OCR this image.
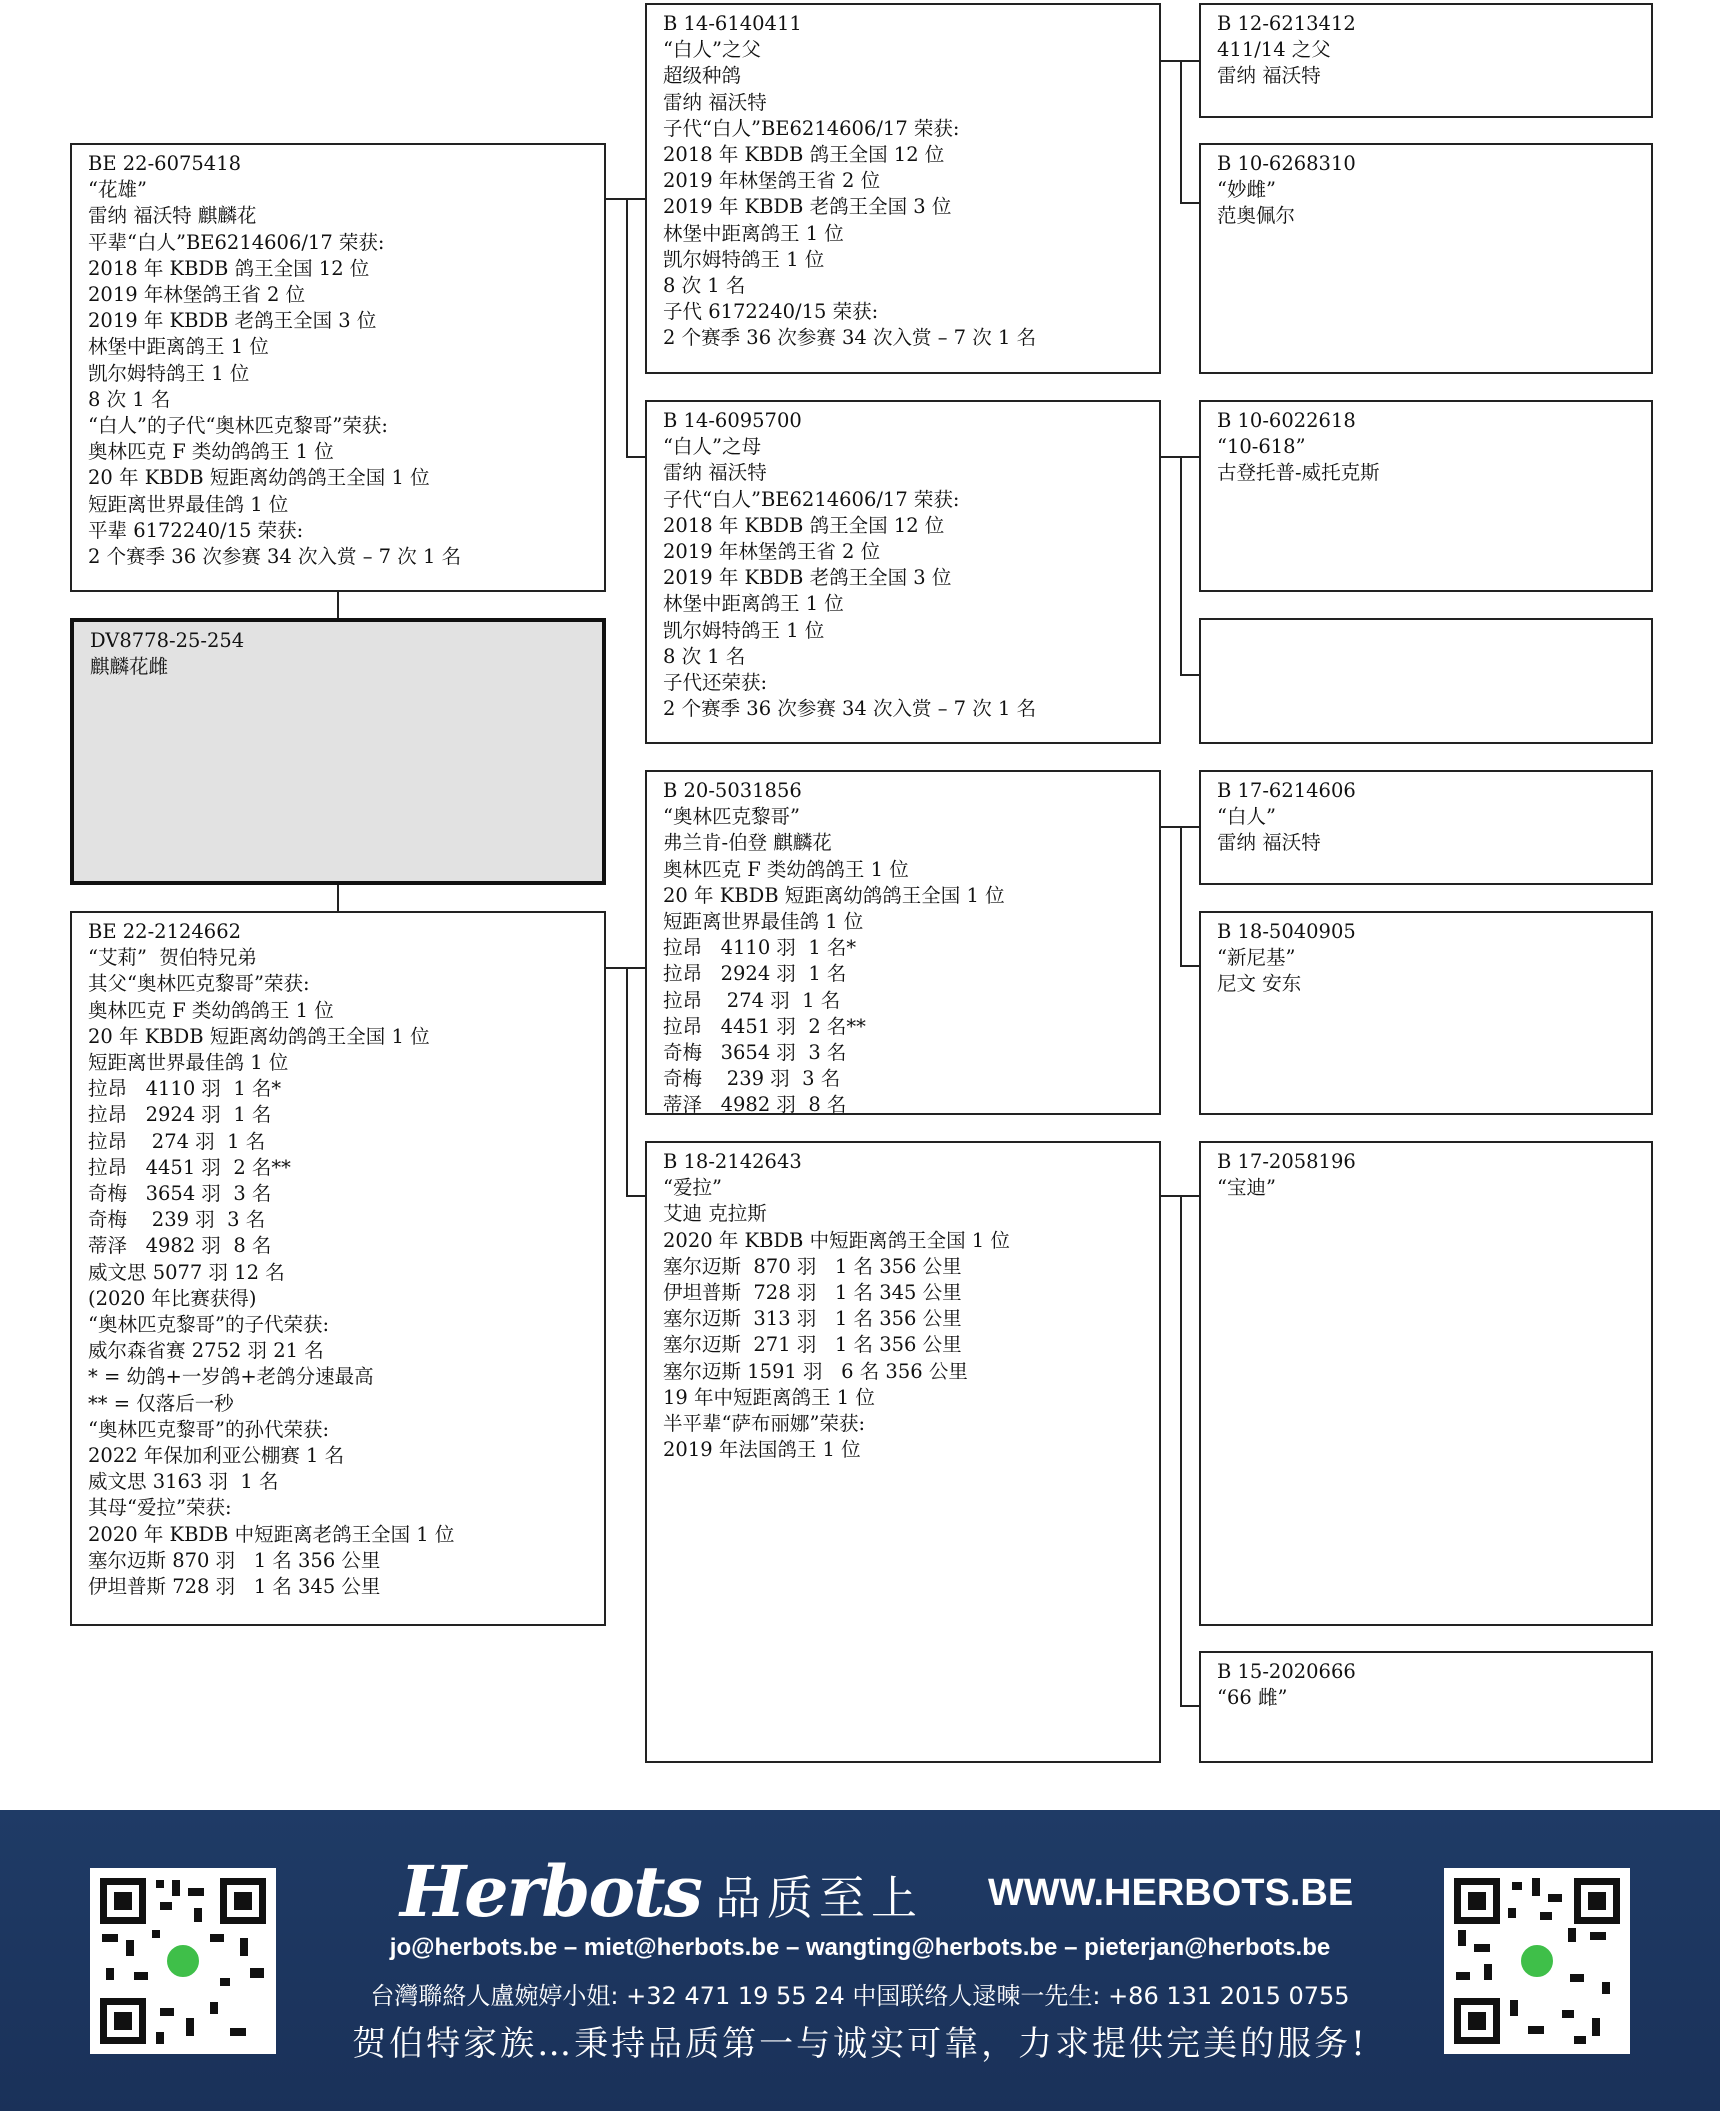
BE 22-6075418
“花雄”
雷纳 福沃特 麒麟花
平辈“白人”BE6214606/17 荣获:
2018 年 KBDB 鸽王全国 12 位
2019 年林堡鸽王省 2 位
2019 年 KBDB 老鸽王全国 3 位
林堡中距离鸽王 1 位
凯尔姆特鸽王 1 位
8 次 1 名
“白人”的子代“奥林匹克黎哥”荣获:
奥林匹克 F 类幼鸽鸽王 1 位
20 年 KBDB 短距离幼鸽鸽王全国 1 位
短距离世界最佳鸽 1 位
平辈 6172240/15 荣获:
2 个赛季 36 次参赛 34 次入赏 – 7 次 1 名
DV8778-25-254
麒麟花雌
BE 22-2124662
“艾莉”  贺伯特兄弟
其父“奥林匹克黎哥”荣获:
奥林匹克 F 类幼鸽鸽王 1 位
20 年 KBDB 短距离幼鸽鸽王全国 1 位
短距离世界最佳鸽 1 位
拉昂   4110 羽  1 名*
拉昂   2924 羽  1 名
拉昂    274 羽  1 名
拉昂   4451 羽  2 名**
奇梅   3654 羽  3 名
奇梅    239 羽  3 名
蒂泽   4982 羽  8 名
威文思 5077 羽 12 名
(2020 年比赛获得)
“奥林匹克黎哥”的子代荣获:
威尔森省赛 2752 羽 21 名
* = 幼鸽+一岁鸽+老鸽分速最高
** = 仅落后一秒
“奥林匹克黎哥”的孙代荣获:
2022 年保加利亚公棚赛 1 名
威文思 3163 羽  1 名
其母“爱拉”荣获:
2020 年 KBDB 中短距离老鸽王全国 1 位
塞尔迈斯 870 羽   1 名 356 公里
伊坦普斯 728 羽   1 名 345 公里
B 14-6140411
“白人”之父
超级种鸽
雷纳 福沃特
子代“白人”BE6214606/17 荣获:
2018 年 KBDB 鸽王全国 12 位
2019 年林堡鸽王省 2 位
2019 年 KBDB 老鸽王全国 3 位
林堡中距离鸽王 1 位
凯尔姆特鸽王 1 位
8 次 1 名
子代 6172240/15 荣获:
2 个赛季 36 次参赛 34 次入赏 – 7 次 1 名
B 14-6095700
“白人”之母
雷纳 福沃特
子代“白人”BE6214606/17 荣获:
2018 年 KBDB 鸽王全国 12 位
2019 年林堡鸽王省 2 位
2019 年 KBDB 老鸽王全国 3 位
林堡中距离鸽王 1 位
凯尔姆特鸽王 1 位
8 次 1 名
子代还荣获:
2 个赛季 36 次参赛 34 次入赏 – 7 次 1 名
B 20-5031856
“奥林匹克黎哥”
弗兰肯-伯登 麒麟花
奥林匹克 F 类幼鸽鸽王 1 位
20 年 KBDB 短距离幼鸽鸽王全国 1 位
短距离世界最佳鸽 1 位
拉昂   4110 羽  1 名*
拉昂   2924 羽  1 名
拉昂    274 羽  1 名
拉昂   4451 羽  2 名**
奇梅   3654 羽  3 名
奇梅    239 羽  3 名
蒂泽   4982 羽  8 名
B 18-2142643
“爱拉”
艾迪 克拉斯
2020 年 KBDB 中短距离鸽王全国 1 位
塞尔迈斯  870 羽   1 名 356 公里
伊坦普斯  728 羽   1 名 345 公里
塞尔迈斯  313 羽   1 名 356 公里
塞尔迈斯  271 羽   1 名 356 公里
塞尔迈斯 1591 羽   6 名 356 公里
19 年中短距离鸽王 1 位
半平辈“萨布丽娜”荣获:
2019 年法国鸽王 1 位
B 12-6213412
411/14 之父
雷纳 福沃特
B 10-6268310
“妙雌”
范奥佩尔
B 10-6022618
“10-618”
古登托普-威托克斯
B 17-6214606
“白人”
雷纳 福沃特
B 18-5040905
“新尼基”
尼文 安东
B 17-2058196
“宝迪”
B 15-2020666
“66 雌”
Herbots 品质至上 WWW.HERBOTS.BE
jo@herbots.be – miet@herbots.be – wangting@herbots.be – pieterjan@herbots.be
台灣聯絡人盧婉婷小姐: +32 471 19 55 24 中国联络人逯暕一先生: +86 131 2015 0755
贺伯特家族…秉持品质第一与诚实可靠，力求提供完美的服务!
